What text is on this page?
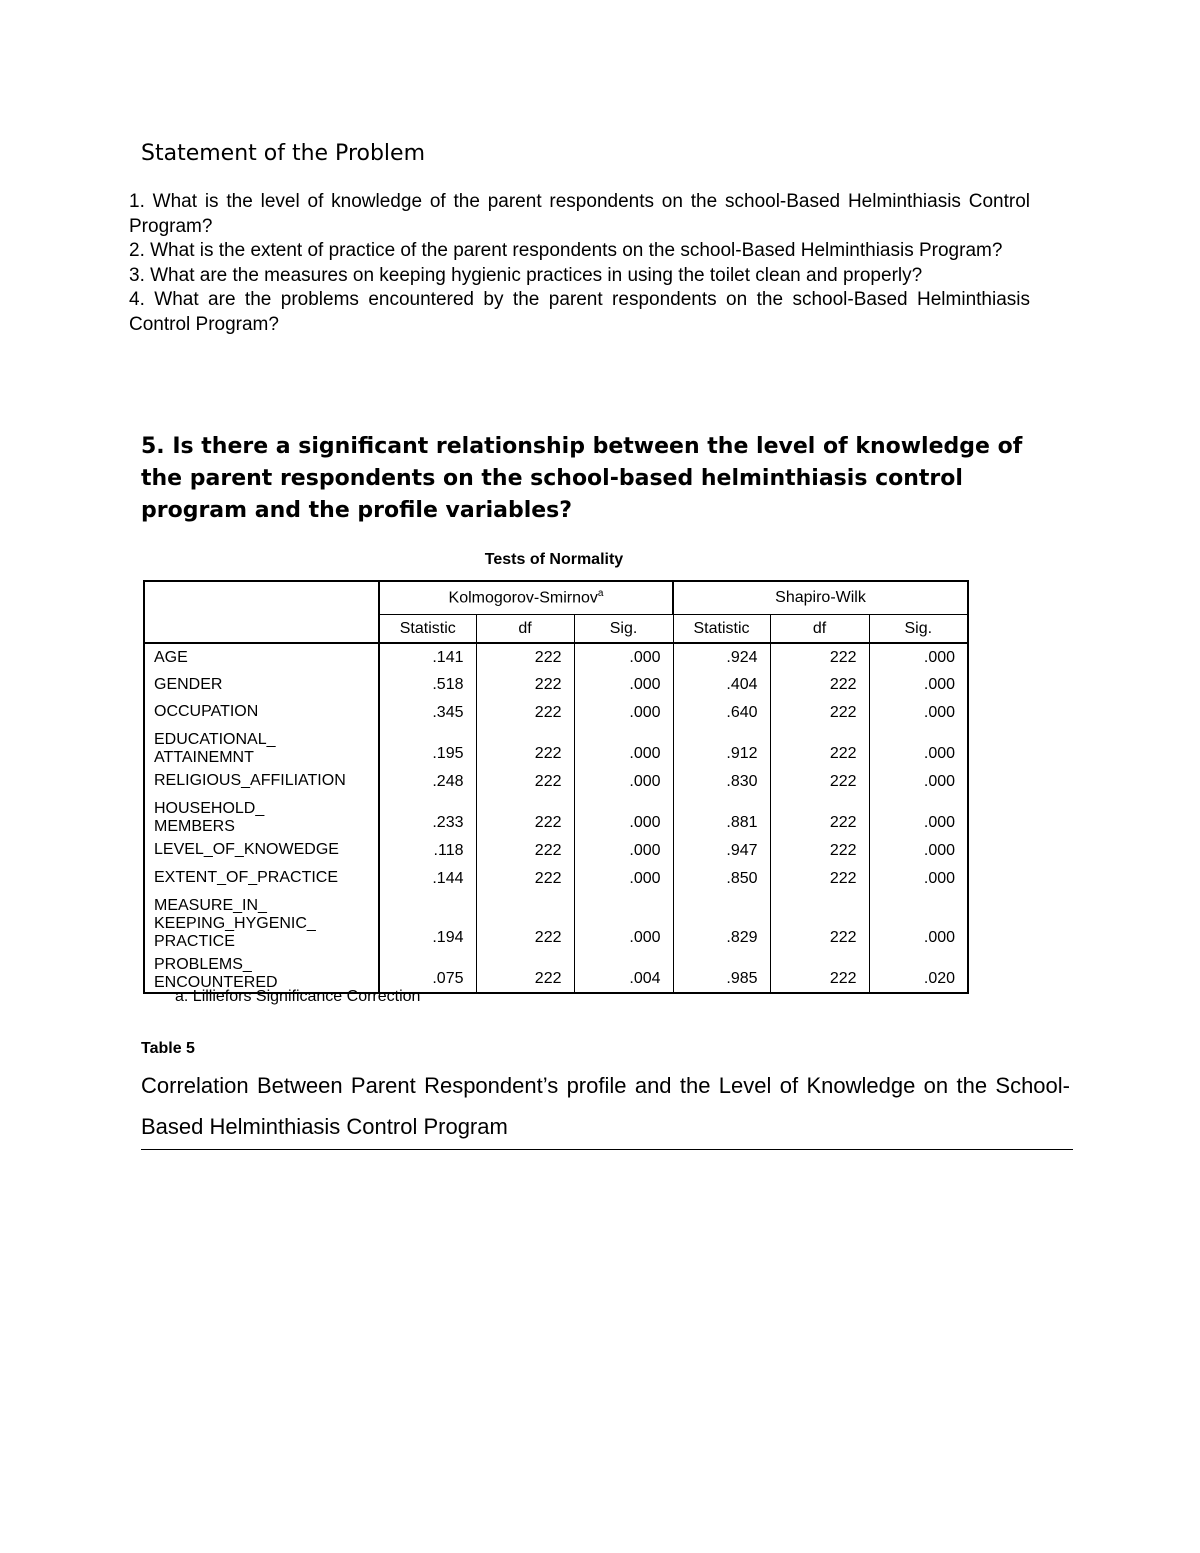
Statement of the Problem
1. What is the level of knowledge of the parent respondents on the school-Based Helminthiasis Control Program?
2. What is the extent of practice of the parent respondents on the school-Based Helminthiasis Program?
3. What are the measures on keeping hygienic practices in using the toilet clean and properly?
4. What are the problems encountered by the parent respondents on the school-Based Helminthiasis Control Program?
5. Is there a significant relationship between the level of knowledge of the parent respondents on the school-based helminthiasis control program and the profile variables?
Tests of Normality
	Kolmogorov-Smirnov$^a$			Shapiro-Wilk		
	Statistic	df	Sig.	Statistic	df	Sig.
AGE	.141	222	.000	.924	222	.000
GENDER	.518	222	.000	.404	222	.000
OCCUPATION	.345	222	.000	.640	222	.000
EDUCATIONAL_
ATTAINEMNT	.195	222	.000	.912	222	.000
RELIGIOUS_AFFILIATION	.248	222	.000	.830	222	.000
HOUSEHOLD_
MEMBERS	.233	222	.000	.881	222	.000
LEVEL_OF_KNOWEDGE	.118	222	.000	.947	222	.000
EXTENT_OF_PRACTICE	.144	222	.000	.850	222	.000
MEASURE_IN_
KEEPING_HYGENIC_
PRACTICE	.194	222	.000	.829	222	.000
PROBLEMS_
ENCOUNTERED	.075	222	.004	.985	222	.020
a. Lilliefors Significance Correction
Table 5
Correlation Between Parent Respondent’s profile and the Level of Knowledge on the School-Based Helminthiasis Control Program
